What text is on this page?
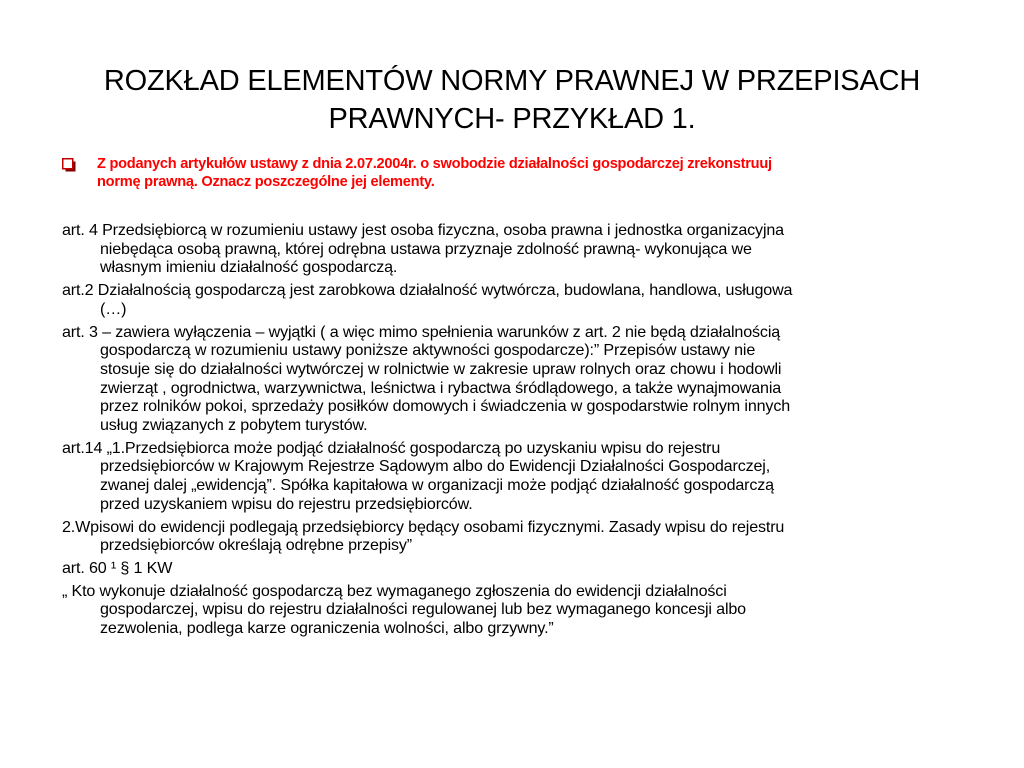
ROZKŁAD ELEMENTÓW NORMY PRAWNEJ W PRZEPISACH
PRAWNYCH- PRZYKŁAD 1.
Z podanych artykułów ustawy z dnia 2.07.2004r. o swobodzie działalności gospodarczej zrekonstruuj
normę prawną. Oznacz poszczególne jej elementy.

art. 4 Przedsiębiorcą w rozumieniu ustawy jest osoba fizyczna, osoba prawna i jednostka organizacyjna
niebędąca osobą prawną, której odrębna ustawa przyznaje zdolność prawną- wykonująca we
własnym imieniu działalność gospodarczą.

art.2 Działalnością gospodarczą jest zarobkowa działalność wytwórcza, budowlana, handlowa, usługowa
(…)

art. 3 – zawiera wyłączenia – wyjątki ( a więc mimo spełnienia warunków z art. 2 nie będą działalnością
gospodarczą w rozumieniu ustawy poniższe aktywności gospodarcze):” Przepisów ustawy nie
stosuje się do działalności wytwórczej w rolnictwie w zakresie upraw rolnych oraz chowu i hodowli
zwierząt , ogrodnictwa, warzywnictwa, leśnictwa i rybactwa śródlądowego, a także wynajmowania
przez rolników pokoi, sprzedaży posiłków domowych i świadczenia w gospodarstwie rolnym innych
usług związanych z pobytem turystów.

art.14 „1.Przedsiębiorca może podjąć działalność gospodarczą po uzyskaniu wpisu do rejestru
przedsiębiorców w Krajowym Rejestrze Sądowym albo do Ewidencji Działalności Gospodarczej,
zwanej dalej „ewidencją”. Spółka kapitałowa w organizacji może podjąć działalność gospodarczą
przed uzyskaniem wpisu do rejestru przedsiębiorców.

2.Wpisowi do ewidencji podlegają przedsiębiorcy będący osobami fizycznymi. Zasady wpisu do rejestru
przedsiębiorców określają odrębne przepisy”

art. 60 ¹ § 1 KW

„ Kto wykonuje działalność gospodarczą bez wymaganego zgłoszenia do ewidencji działalności
gospodarczej, wpisu do rejestru działalności regulowanej lub bez wymaganego koncesji albo
zezwolenia, podlega karze ograniczenia wolności, albo grzywny.”
